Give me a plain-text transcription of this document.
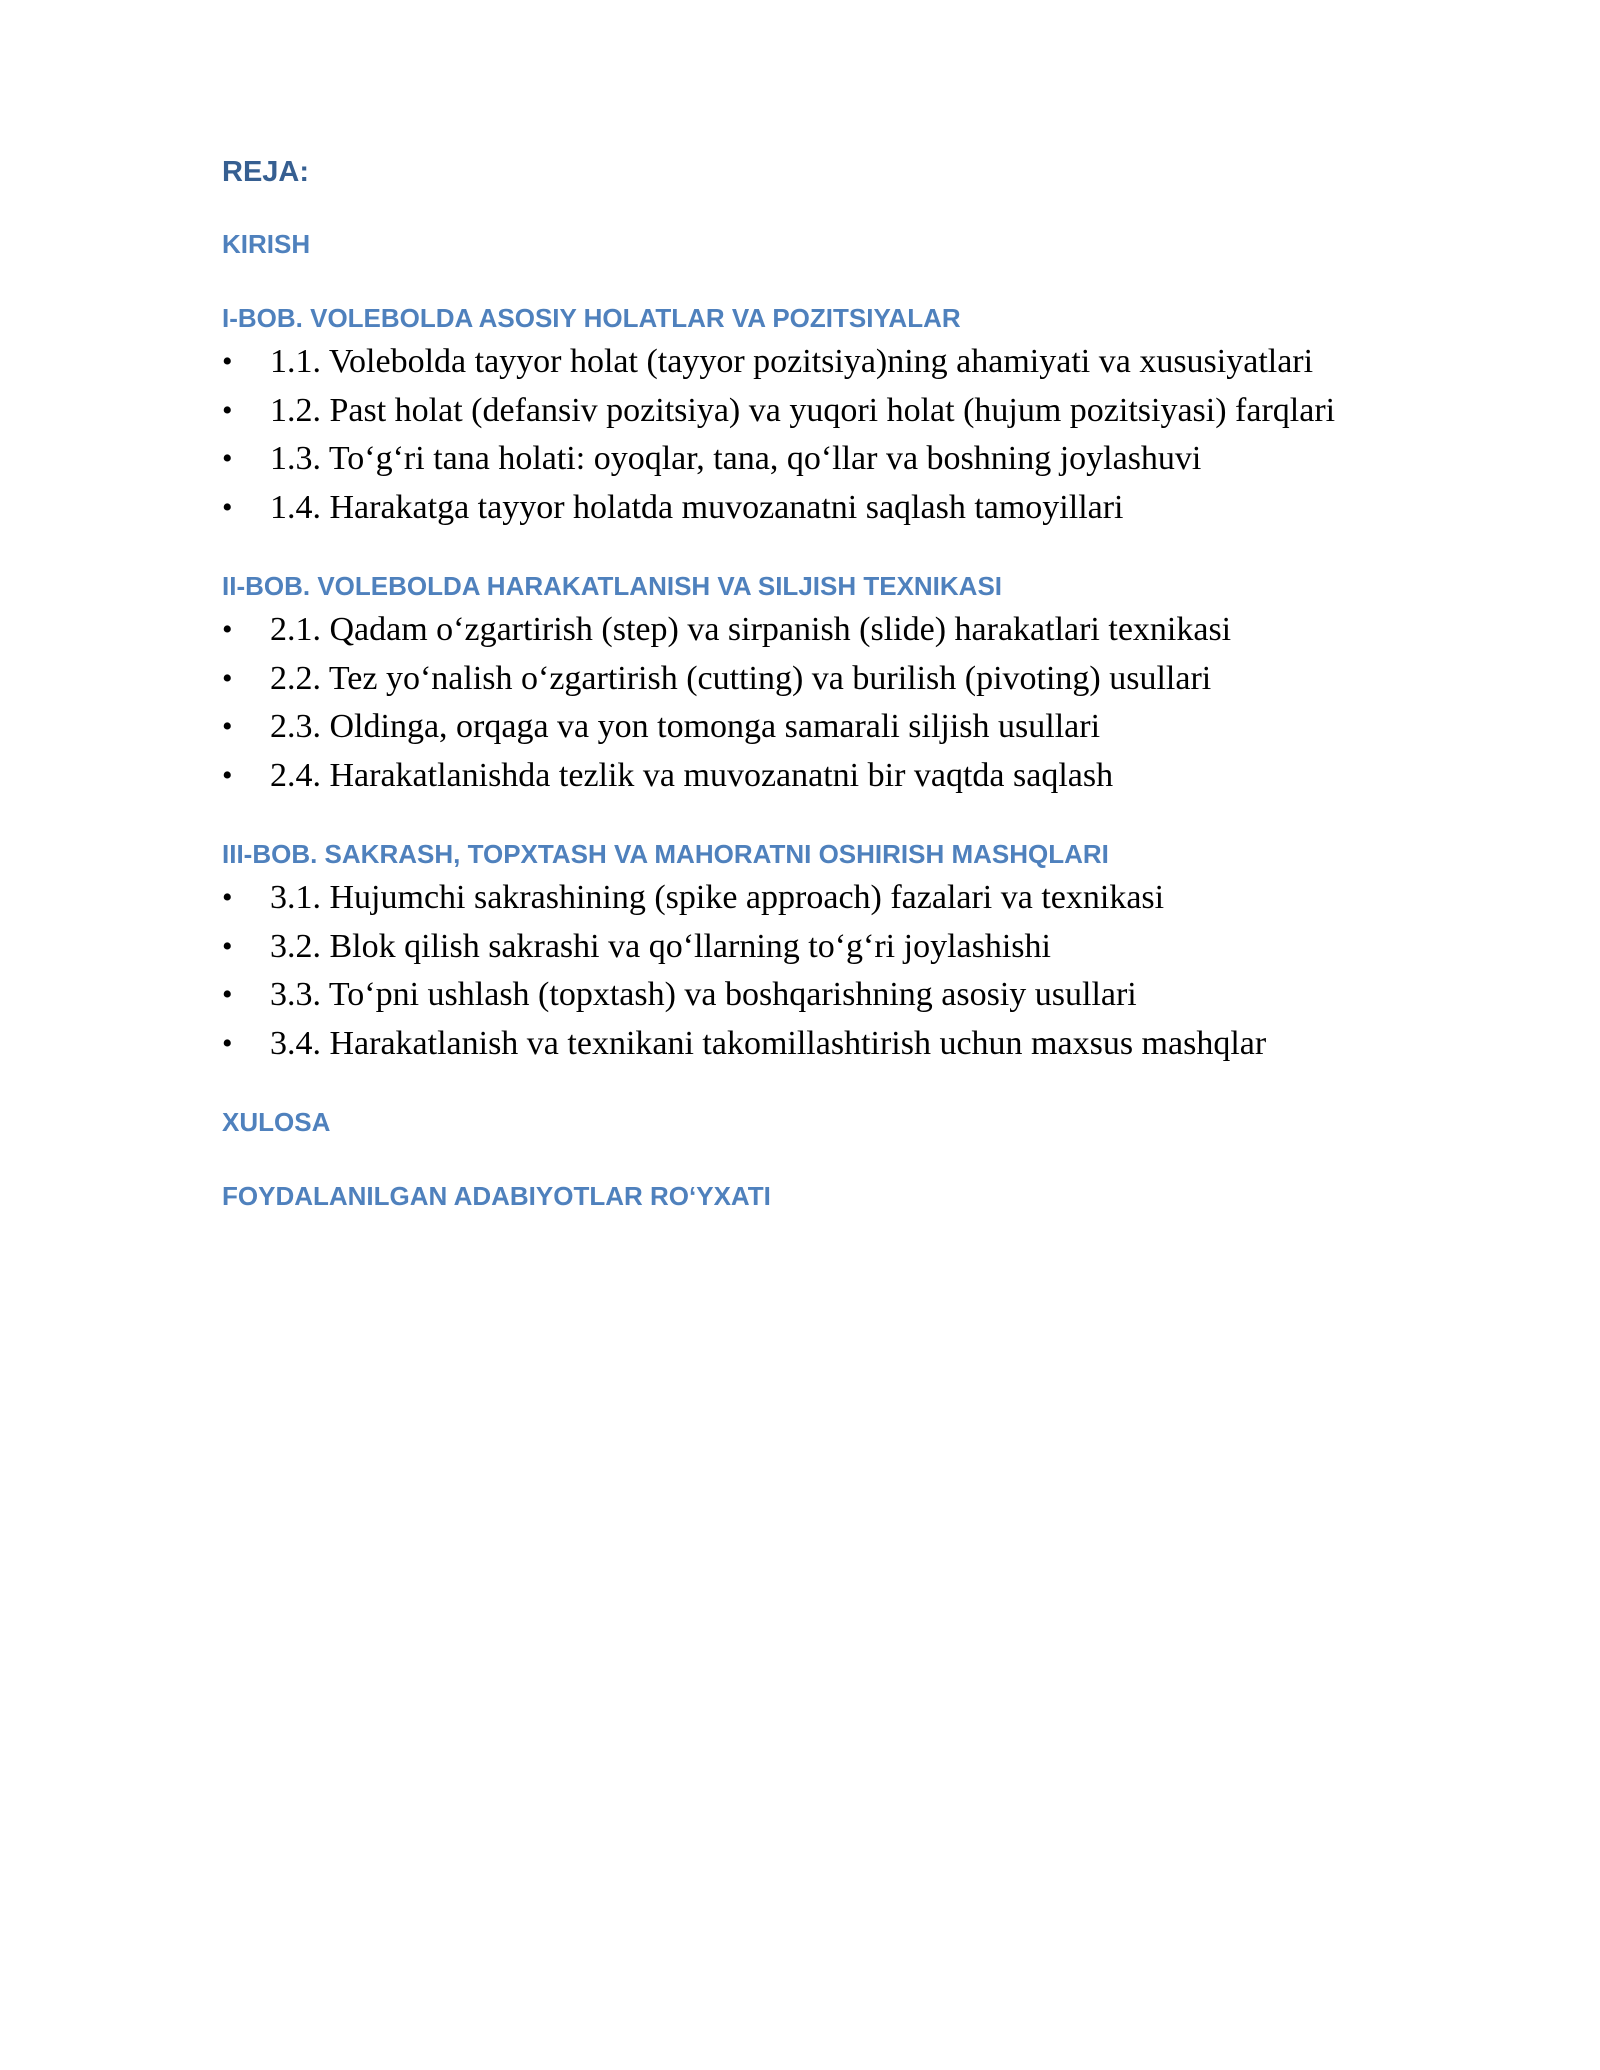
REJA:

KIRISH

I-BOB. VOLEBOLDA ASOSIY HOLATLAR VA POZITSIYALAR

• 1.1. Volebolda tayyor holat (tayyor pozitsiya)ning ahamiyati va xususiyatlari
• 1.2. Past holat (defansiv pozitsiya) va yuqori holat (hujum pozitsiyasi) farqlari
• 1.3. To‘g‘ri tana holati: oyoqlar, tana, qo‘llar va boshning joylashuvi
• 1.4. Harakatga tayyor holatda muvozanatni saqlash tamoyillari

II-BOB. VOLEBOLDA HARAKATLANISH VA SILJISH TEXNIKASI

• 2.1. Qadam o‘zgartirish (step) va sirpanish (slide) harakatlari texnikasi
• 2.2. Tez yo‘nalish o‘zgartirish (cutting) va burilish (pivoting) usullari
• 2.3. Oldinga, orqaga va yon tomonga samarali siljish usullari
• 2.4. Harakatlanishda tezlik va muvozanatni bir vaqtda saqlash

III-BOB. SAKRASH, TOPXTASH VA MAHORATNI OSHIRISH MASHQLARI

• 3.1. Hujumchi sakrashining (spike approach) fazalari va texnikasi
• 3.2. Blok qilish sakrashi va qo‘llarning to‘g‘ri joylashishi
• 3.3. To‘pni ushlash (topxtash) va boshqarishning asosiy usullari
• 3.4. Harakatlanish va texnikani takomillashtirish uchun maxsus mashqlar

XULOSA

FOYDALANILGAN ADABIYOTLAR RO‘YXATI
